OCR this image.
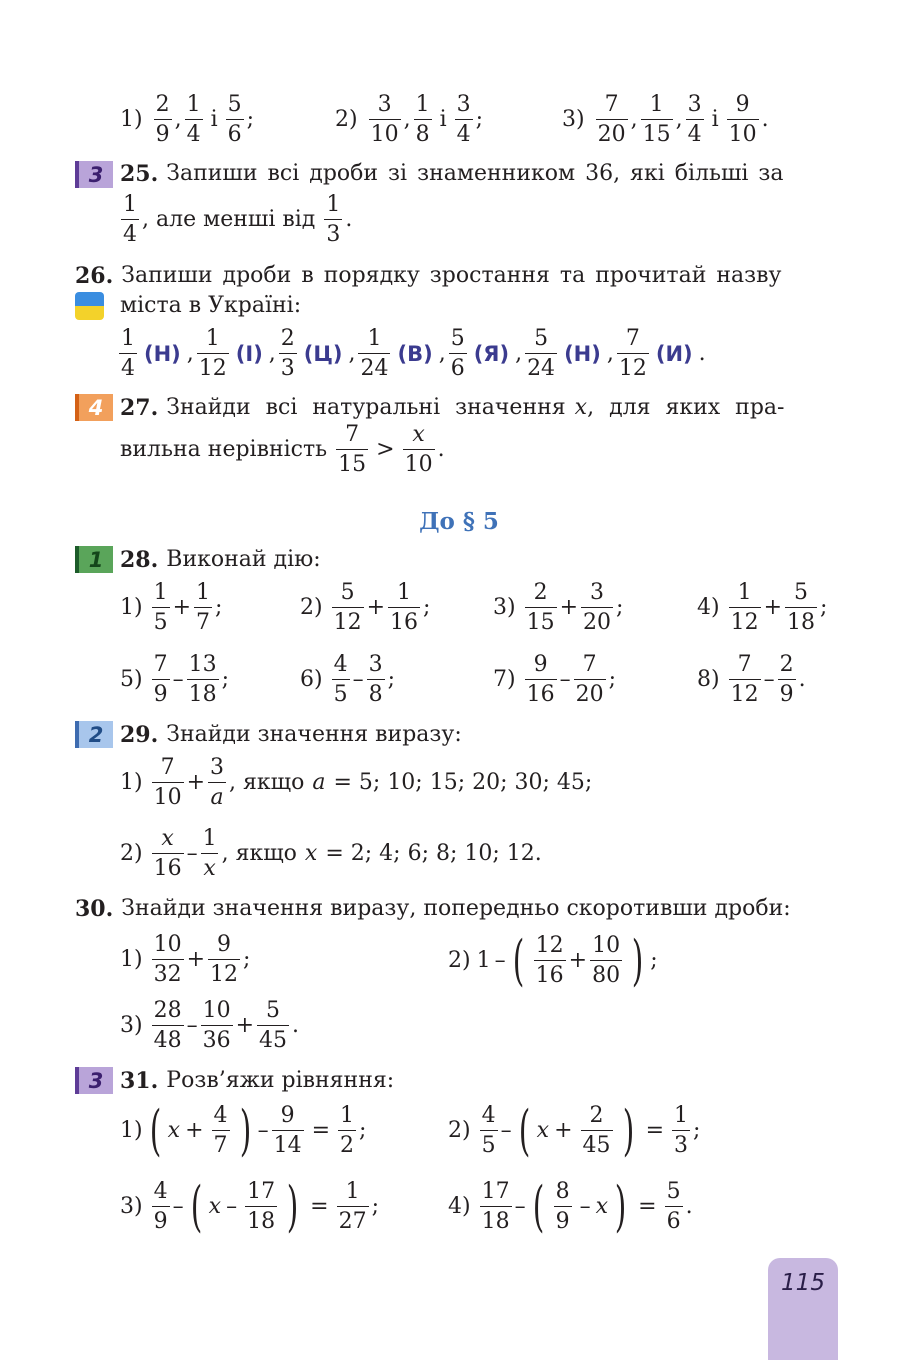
1)
2
9
,
1
4
і
5
6
;	2)
3
10
,
1
8
і
3
4
;	3)
7
20
,
1
15
,
3
4
і
9
10
.
3 25. Запиши всі дроби зі знаменником 36, які більші за
1
4
, але менші від
1
3
.
26. Запиши дроби в порядку зростання та прочитай назву
міста в Україні:
1
4
(Н) ,
1
12
(І) ,
2
3
(Ц) ,
1
24
(В) ,
5
6
(Я) ,
5
24
(Н) ,
7
12
(И) .
4 27. Знайди всі натуральні значення x , для яких пра-
вильна нерівність
7
15
>
x
10
.
До § 5
1 28. Виконай дію:
1)
1
5
+ $\frac{1}{7}$ ;	2)
5
12
+ $\frac{1}{16}$ ;	3)
2
15
+ $\frac{3}{20}$ ;	4)
1
12
+ $\frac{5}{18}$ ;
5)
7
9
–
13
18
;	6)
4
5
–
3
8
;	7)
9
16
–
7
20
;	8)
7
12
–
2
9
.
2 29. Знайди значення виразу:
1)
7
10
+ $\frac{3}{a}$ , якщо a = 5; 10; 15; 20; 30; 45;
2)
x
16
–
1
x
, якщо x = 2; 4; 6; 8; 10; 12.
30. Знайди значення виразу, попередньо скоротивши дроби:
1)
10
32
+ $\frac{9}{12}$ ;	2) 1 – ( 12
16
+ $\frac{10}{80}$ ) ;
3)
28
48
–
10
36
+ $\frac{5}{45}$ .
3 31. Розв’яжи рівняння:
1) ( $x + \frac{4}{7}$ ) – $\frac{9}{14} = \frac{1}{2}$ ;	2)
4
5
– ( $x + \frac{2}{45}$ ) = $\frac{1}{3}$ ;
3)
4
9
– ( x –
17
18 ) = $\frac{1}{27}$ ;	4)
17
18
– ( 8
9
– x ) = $\frac{5}{6}$ .
115
